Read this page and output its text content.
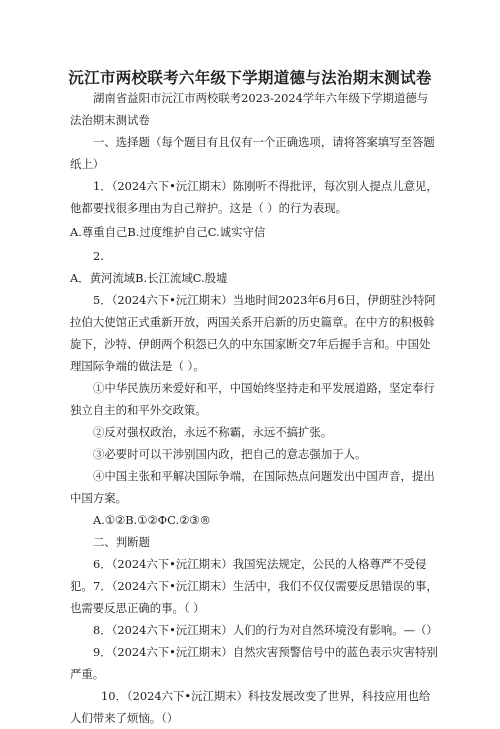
沅江市两校联考六年级下学期道德与法治期末测试卷

湖南省益阳市沅江市两校联考2023-2024学年六年级下学期道德与法治期末测试卷

一、选择题（每个题目有且仅有一个正确选项，请将答案填写至答题纸上）

1．（2024六下•沅江期末）陈刚听不得批评，每次别人提点儿意见，他都要找很多理由为自己辩护。这是（ ）的行为表现。

A.尊重自己B.过度维护自己C.诚实守信

2.

A．黄河流域B.长江流域C.殷墟

5．（2024六下•沅江期末）当地时间2023年6月6日，伊朗驻沙特阿拉伯大使馆正式重新开放，两国关系开启新的历史篇章。在中方的积极斡旋下，沙特、伊朗两个积怨已久的中东国家断交7年后握手言和。中国处理国际争端的做法是（ ）。

①中华民族历来爱好和平，中国始终坚持走和平发展道路，坚定奉行独立自主的和平外交政策。

②反对强权政治，永远不称霸，永远不搞扩张。

③必要时可以干涉别国内政，把自己的意志强加于人。

④中国主张和平解决国际争端，在国际热点问题发出中国声音，提出中国方案。

A.①②B.①②ФC.②③®

二、判断题

6．（2024六下•沅江期末）我国宪法规定，公民的人格尊严不受侵犯。 7．（2024六下•沅江期末）生活中，我们不仅仅需要反思错误的事，也需要反思正确的事。（ ）

8．（2024六下•沅江期末）人们的行为对自然环境没有影响。—（）

9．（2024六下•沅江期末）自然灾害预警信号中的蓝色表示灾害特别严重。

10．（2024六下•沅江期末）科技发展改变了世界，科技应用也给人们带来了烦恼。（）
